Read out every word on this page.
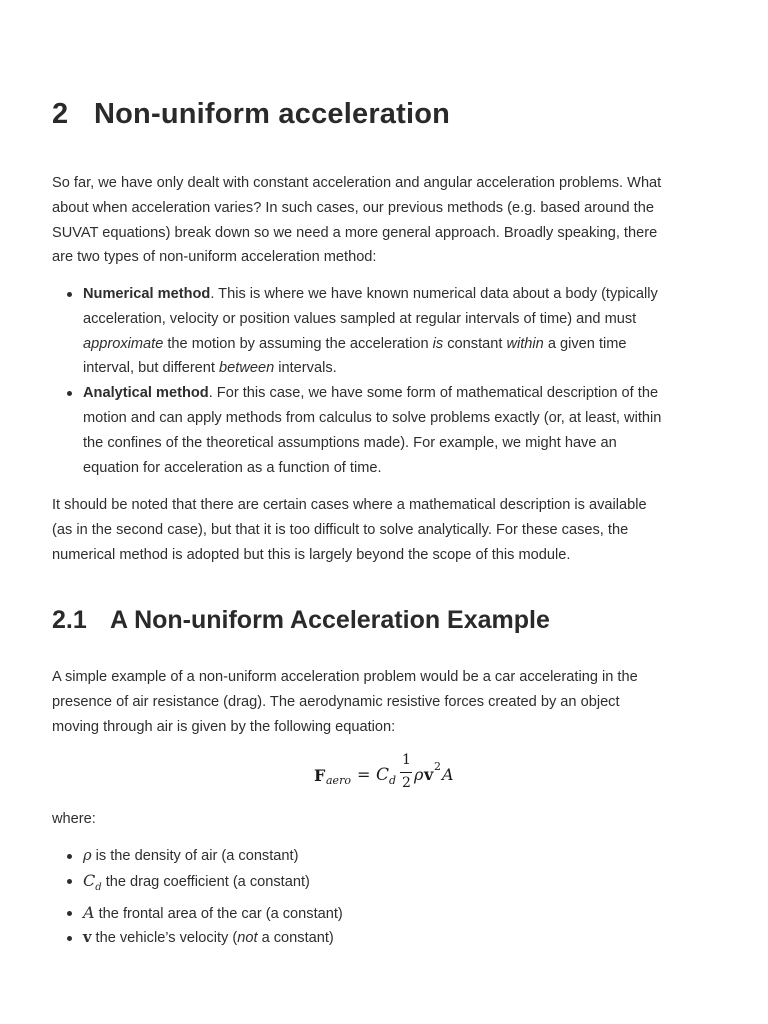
2 Non-uniform acceleration

So far, we have only dealt with constant acceleration and angular acceleration problems. What
about when acceleration varies? In such cases, our previous methods (e.g. based around the
SUVAT equations) break down so we need a more general approach. Broadly speaking, there
are two types of non-uniform acceleration method:

Numerical method. This is where we have known numerical data about a body (typically
acceleration, velocity or position values sampled at regular intervals of time) and must
approximate the motion by assuming the acceleration is constant within a given time
interval, but different between intervals.
Analytical method. For this case, we have some form of mathematical description of the
motion and can apply methods from calculus to solve problems exactly (or, at least, within
the confines of the theoretical assumptions made). For example, we might have an
equation for acceleration as a function of time.

It should be noted that there are certain cases where a mathematical description is available
(as in the second case), but that it is too difficult to solve analytically. For these cases, the
numerical method is adopted but this is largely beyond the scope of this module.

2.1 A Non-uniform Acceleration Example

A simple example of a non-uniform acceleration problem would be a car accelerating in the
presence of air resistance (drag). The aerodynamic resistive forces created by an object
moving through air is given by the following equation:

F aero = C d
1
2 ρ v 2 A

where:

ρ is the density of air (a constant)
$C_d$ the drag coefficient (a constant)
A the frontal area of the car (a constant)
v the vehicle’s velocity (not a constant)
